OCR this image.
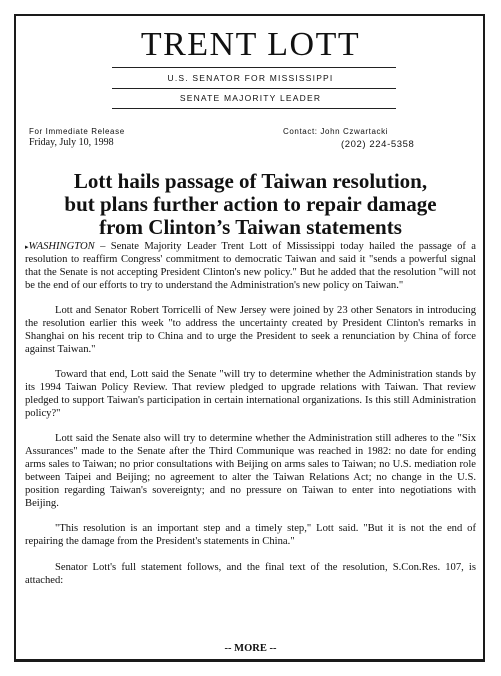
TRENT LOTT
U.S. SENATOR FOR MISSISSIPPI
SENATE MAJORITY LEADER
For Immediate Release
Friday, July 10, 1998
Contact: John Czwartacki
(202) 224-5358
Lott hails passage of Taiwan resolution,
but plans further action to repair damage
from Clinton’s Taiwan statements

▸WASHINGTON – Senate Majority Leader Trent Lott of Mississippi today hailed the passage of a resolution to reaffirm Congress' commitment to democratic Taiwan and said it "sends a powerful signal that the Senate is not accepting President Clinton's new policy." But he added that the resolution "will not be the end of our efforts to try to understand the Administration's new policy on Taiwan."

Lott and Senator Robert Torricelli of New Jersey were joined by 23 other Senators in introducing the resolution earlier this week "to address the uncertainty created by President Clinton's remarks in Shanghai on his recent trip to China and to urge the President to seek a renunciation by China of force against Taiwan."

Toward that end, Lott said the Senate "will try to determine whether the Administration stands by its 1994 Taiwan Policy Review. That review pledged to upgrade relations with Taiwan. That review pledged to support Taiwan's participation in certain international organizations. Is this still Administration policy?"

Lott said the Senate also will try to determine whether the Administration still adheres to the "Six Assurances" made to the Senate after the Third Communique was reached in 1982: no date for ending arms sales to Taiwan; no prior consultations with Beijing on arms sales to Taiwan; no U.S. mediation role between Taipei and Beijing; no agreement to alter the Taiwan Relations Act; no change in the U.S. position regarding Taiwan's sovereignty; and no pressure on Taiwan to enter into negotiations with Beijing.

"This resolution is an important step and a timely step," Lott said. "But it is not the end of repairing the damage from the President's statements in China."

Senator Lott's full statement follows, and the final text of the resolution, S.Con.Res. 107, is attached:

-- MORE --
